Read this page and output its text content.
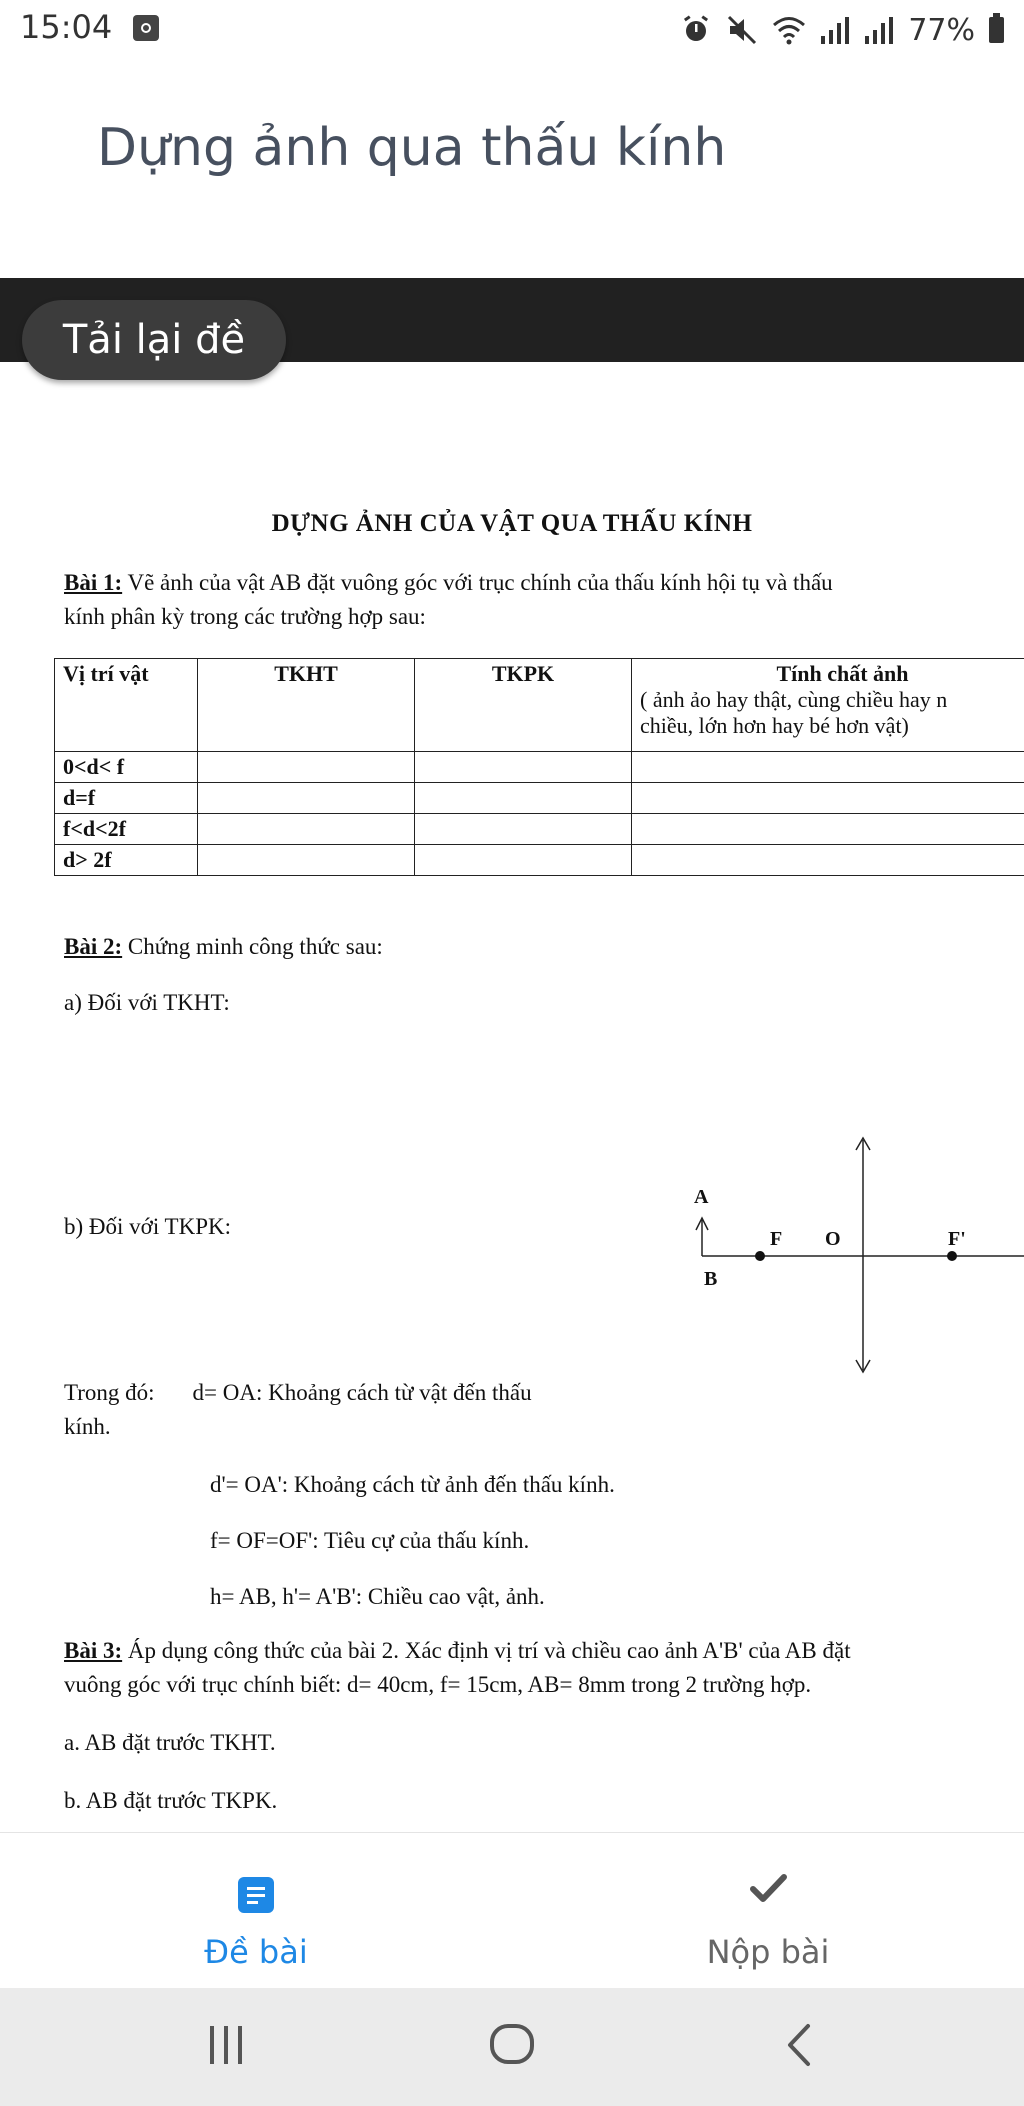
15:04	77%
Dựng ảnh qua thấu kính
Tải lại đề
DỰNG ẢNH CỦA VẬT QUA THẤU KÍNH
Bài 1: Vẽ ảnh của vật AB đặt vuông góc với trục chính của thấu kính hội tụ và thấu
kính phân kỳ trong các trường hợp sau:
Vị trí vật	TKHT	TKPK	Tính chất ảnh
( ảnh ảo hay thật, cùng chiều hay n
chiều, lớn hơn hay bé hơn vật)

0<d< f			
d=f			
f<d<2f			
d> 2f			
Bài 2: Chứng minh công thức sau:
a) Đối với TKHT:
b) Đối với TKPK:
A
B
F O	F'
Trong đó: d= OA: Khoảng cách từ vật đến thấu
kính.
d'= OA': Khoảng cách từ ảnh đến thấu kính.
f= OF=OF': Tiêu cự của thấu kính.
h= AB, h'= A'B': Chiều cao vật, ảnh.
Bài 3: Áp dụng công thức của bài 2. Xác định vị trí và chiều cao ảnh A'B' của AB đặt
vuông góc với trục chính biết: d= 40cm, f= 15cm, AB= 8mm trong 2 trường hợp.
a. AB đặt trước TKHT.
b. AB đặt trước TKPK.
Đề bài	Nộp bài
